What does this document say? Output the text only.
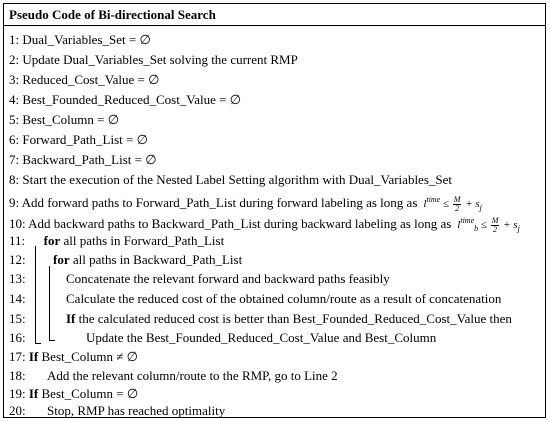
Pseudo Code of Bi-directional Search
1: Dual_Variables_Set = ∅
2: Update Dual_Variables_Set solving the current RMP
3: Reduced_Cost_Value = ∅
4: Best_Founded_Reduced_Cost_Value = ∅
5: Best_Column = ∅
6: Forward_Path_List = ∅
7: Backward_Path_List = ∅
8: Start the execution of the Nested Label Setting algorithm with Dual_Variables_Set
9: Add forward paths to Forward_Path_List during forward labeling as long as $l^{time} \le \frac{M}{2} + s_j$
10: Add backward paths to Backward_Path_List during backward labeling as long as $l^{time}_b \le \frac{M}{2} + s_j$
11: for all paths in Forward_Path_List
12: for all paths in Backward_Path_List
13:	Concatenate the relevant forward and backward paths feasibly
14:	Calculate the reduced cost of the obtained column/route as a result of concatenation
15:	If the calculated reduced cost is better than Best_Founded_Reduced_Cost_Value then
16:	Update the Best_Founded_Reduced_Cost_Value and Best_Column
17: If Best_Column ≠ ∅
18: Add the relevant column/route to the RMP, go to Line 2
19: If Best_Column = ∅
20: Stop, RMP has reached optimality
